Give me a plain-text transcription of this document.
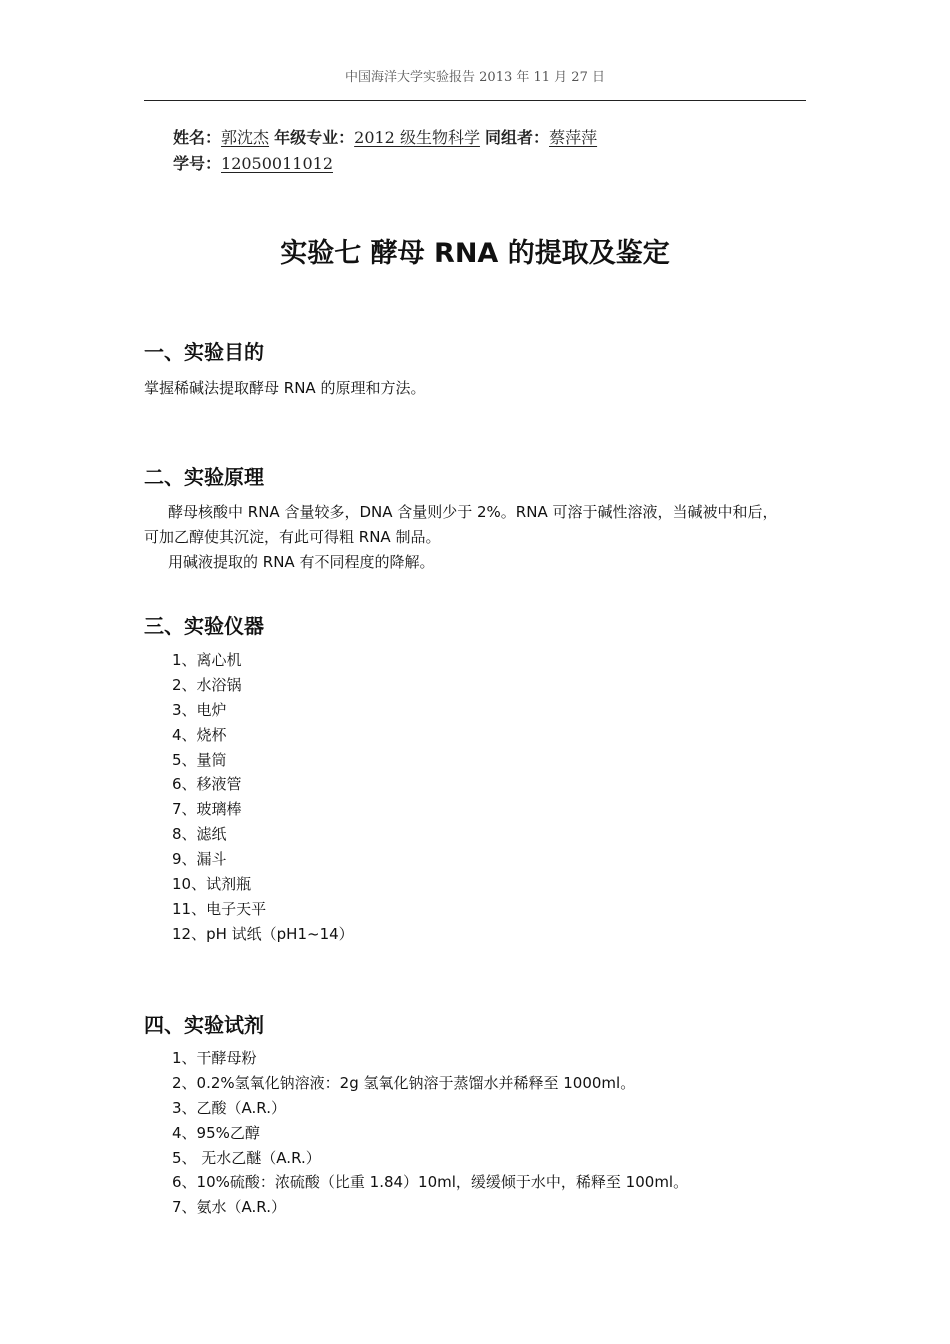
中国海洋大学实验报告 2013 年 11 月 27 日
姓名：郭沈杰 年级专业：2012 级生物科学 同组者：蔡萍萍
学号：12050011012
实验七 酵母 RNA 的提取及鉴定
一、实验目的
掌握稀碱法提取酵母 RNA 的原理和方法。
二、实验原理
酵母核酸中 RNA 含量较多，DNA 含量则少于 2%。RNA 可溶于碱性溶液，当碱被中和后，
可加乙醇使其沉淀，有此可得粗 RNA 制品。
用碱液提取的 RNA 有不同程度的降解。
三、实验仪器
1、离心机
2、水浴锅
3、电炉
4、烧杯
5、量筒
6、移液管
7、玻璃棒
8、滤纸
9、漏斗
10、试剂瓶
11、电子天平
12、pH 试纸（pH1~14）
四、实验试剂
1、干酵母粉
2、0.2%氢氧化钠溶液：2g 氢氧化钠溶于蒸馏水并稀释至 1000ml。
3、乙酸（A.R.）
4、95%乙醇
5、 无水乙醚（A.R.）
6、10%硫酸：浓硫酸（比重 1.84）10ml，缓缓倾于水中，稀释至 100ml。
7、氨水（A.R.）
